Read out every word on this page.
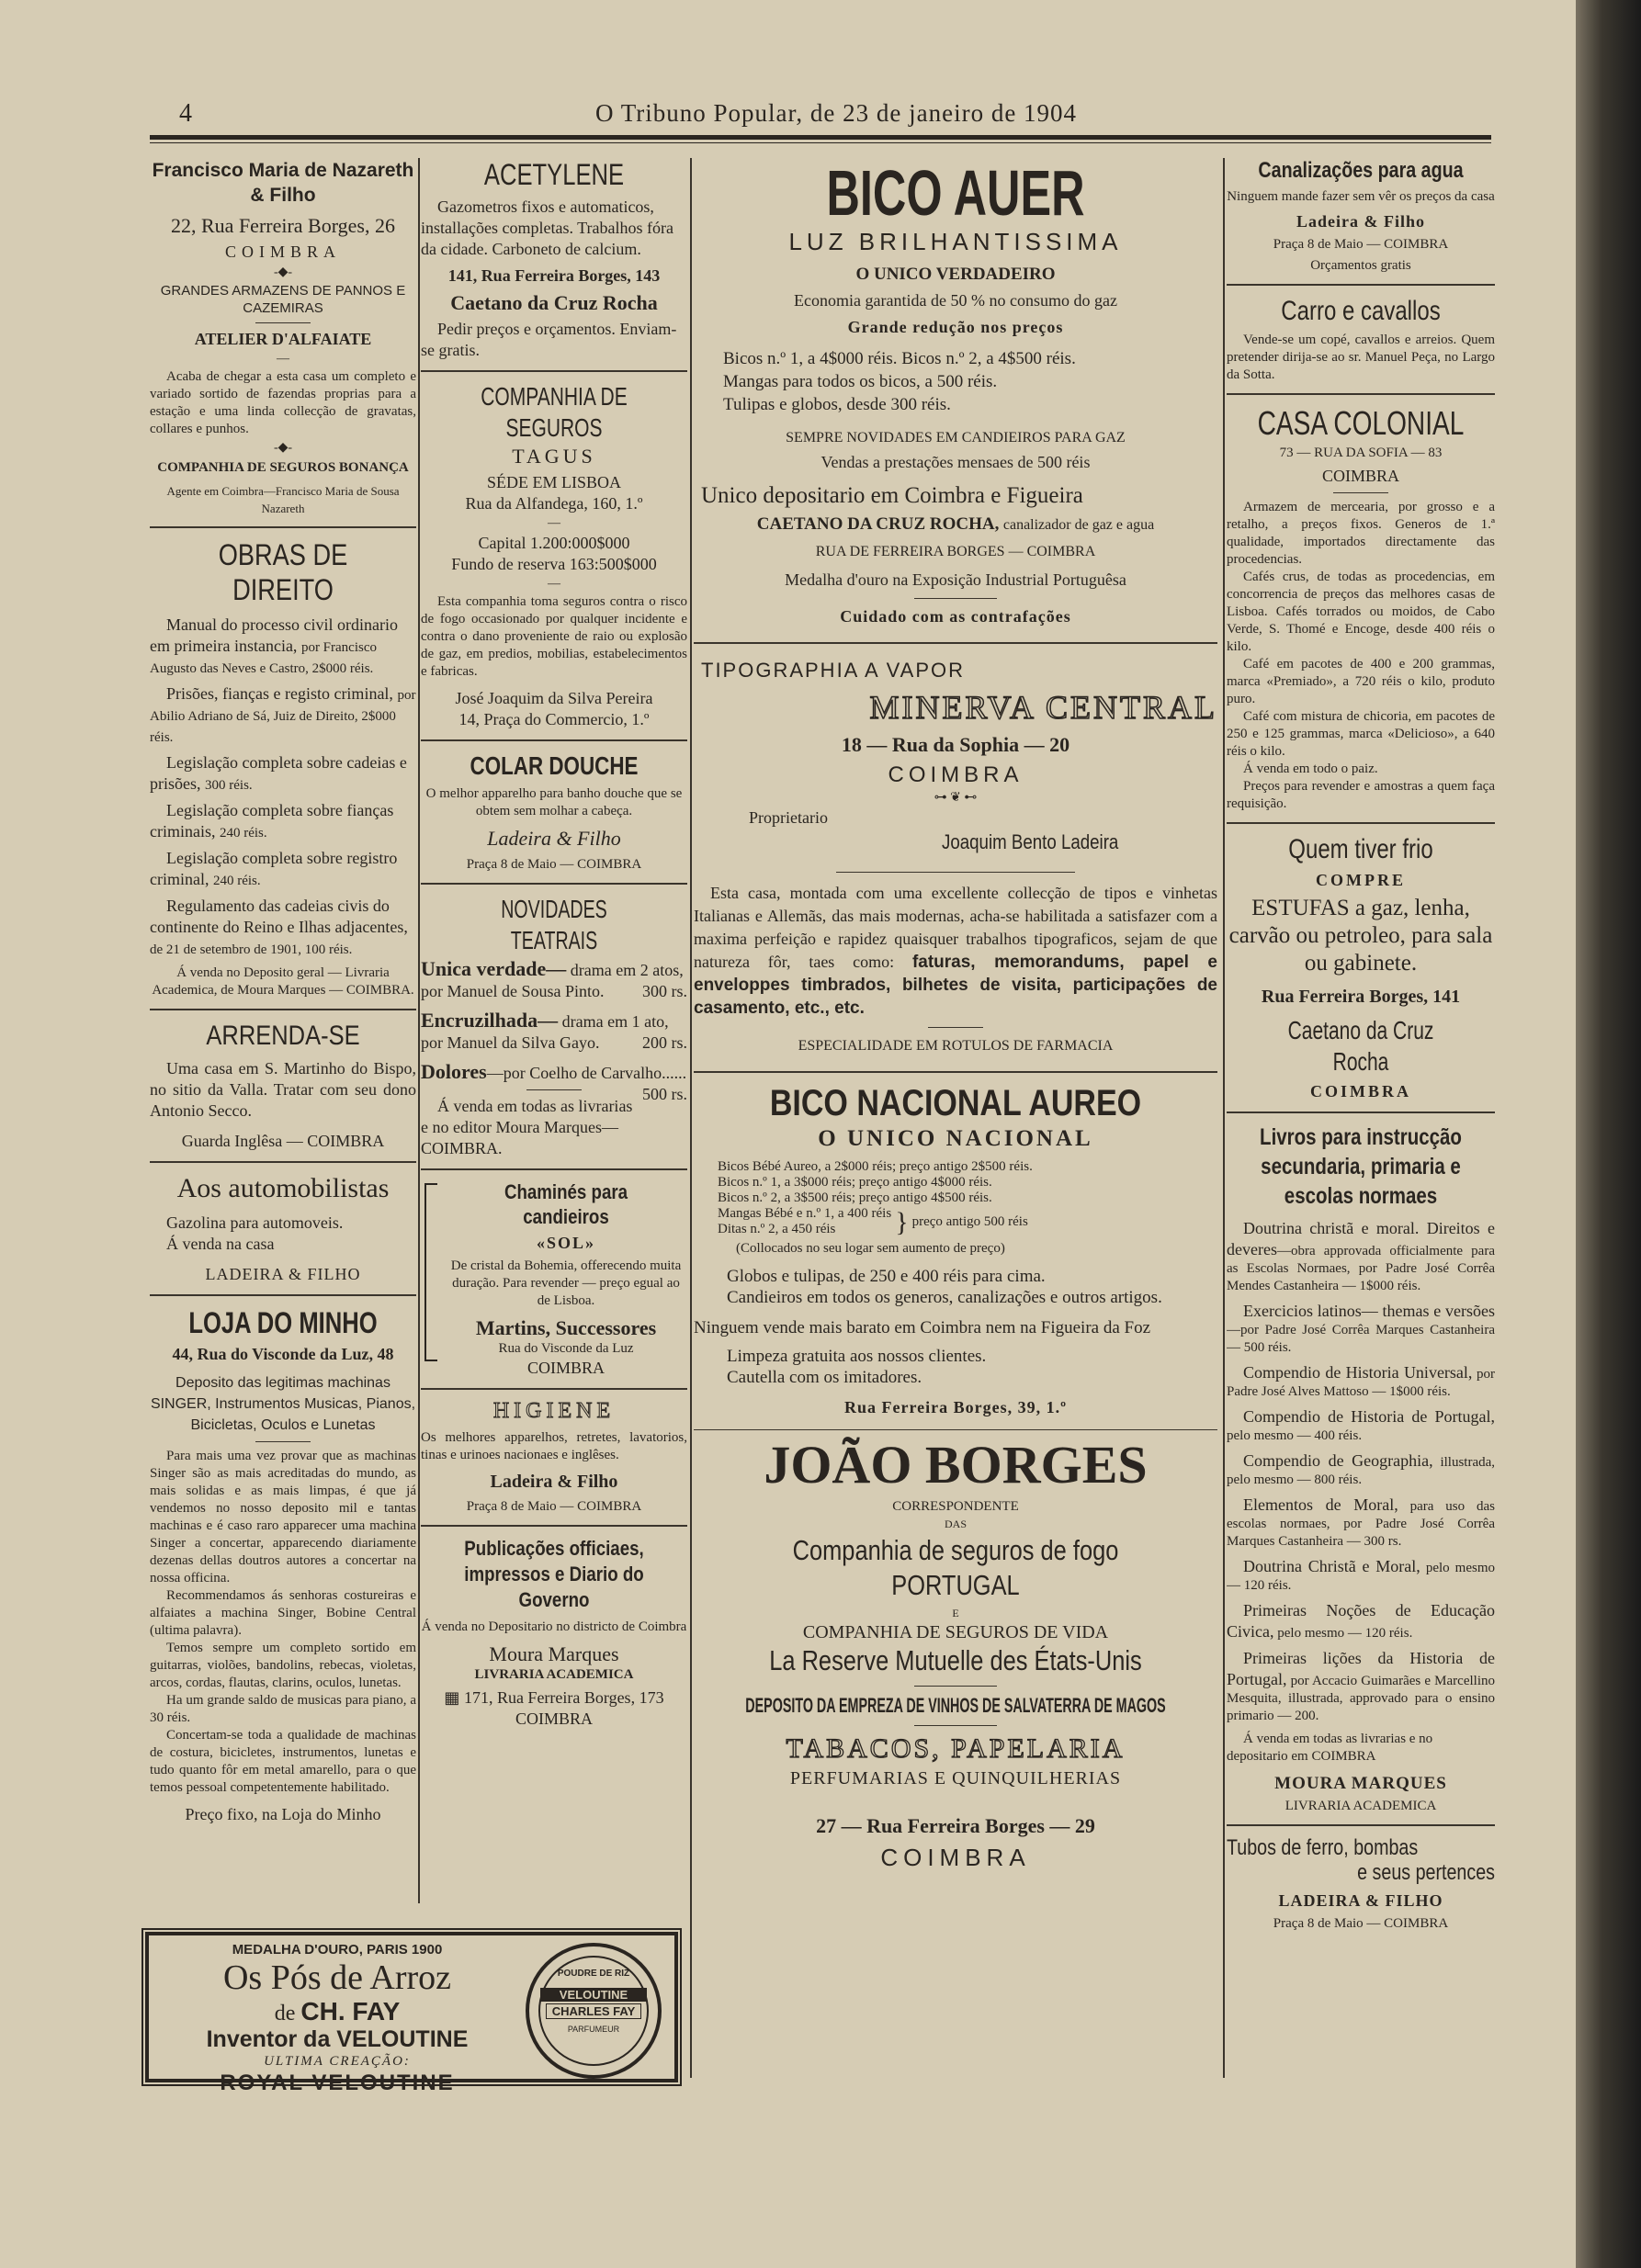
4	O Tribuno Popular, de 23 de janeiro de 1904
Francisco Maria de Nazareth & Filho
22, Rua Ferreira Borges, 26
COIMBRA
-◆-
GRANDES ARMAZENS DE PANNOS E CAZEMIRAS
ATELIER D'ALFAIATE
—

Acaba de chegar a esta casa um completo e variado sortido de fazendas proprias para a estação e uma linda collecção de gravatas, collares e punhos.

-◆-
COMPANHIA DE SEGUROS BONANÇA
Agente em Coimbra—Francisco Maria de Sousa Nazareth
OBRAS DE DIREITO

Manual do processo civil ordinario em primeira instancia, por Francisco Augusto das Neves e Castro, 2$000 réis.

Prisões, fianças e registo criminal, por Abilio Adriano de Sá, Juiz de Direito, 2$000 réis.

Legislação completa sobre cadeias e prisões, 300 réis.

Legislação completa sobre fianças criminais, 240 réis.

Legislação completa sobre registro criminal, 240 réis.

Regulamento das cadeias civis do continente do Reino e Ilhas adjacentes, de 21 de setembro de 1901, 100 réis.

Á venda no Deposito geral — Livraria Academica, de Moura Marques — COIMBRA.

ARRENDA-SE

Uma casa em S. Martinho do Bispo, no sitio da Valla. Tratar com seu dono Antonio Secco.

Guarda Inglêsa — COIMBRA
Aos automobilistas

Gazolina para automoveis.

Á venda na casa

LADEIRA & FILHO
LOJA DO MINHO
44, Rua do Visconde da Luz, 48

Deposito das legitimas machinas SINGER, Instrumentos Musicas, Pianos, Bicicletas, Oculos e Lunetas

Para mais uma vez provar que as machinas Singer são as mais acreditadas do mundo, as mais solidas e as mais limpas, é que já vendemos no nosso deposito mil e tantas machinas e é caso raro apparecer uma machina Singer a concertar, apparecendo diariamente dezenas dellas doutros autores a concertar na nossa officina.

Recommendamos ás senhoras costureiras e alfaiates a machina Singer, Bobine Central (ultima palavra).

Temos sempre um completo sortido em guitarras, violões, bandolins, rebecas, violetas, arcos, cordas, flautas, clarins, oculos, lunetas.

Ha um grande saldo de musicas para piano, a 30 réis.

Concertam-se toda a qualidade de machinas de costura, bicicletes, instrumentos, lunetas e tudo quanto fôr em metal amarello, para o que temos pessoal competentemente habilitado.

Preço fixo, na Loja do Minho
ACETYLENE

Gazometros fixos e automaticos, installações completas. Trabalhos fóra da cidade. Carboneto de calcium.

141, Rua Ferreira Borges, 143
Caetano da Cruz Rocha

Pedir preços e orçamentos. Enviam-se gratis.

COMPANHIA DE SEGUROS
TAGUS
SÉDE EM LISBOA
Rua da Alfandega, 160, 1.º
—
Capital 1.200:000$000
Fundo de reserva 163:500$000
—

Esta companhia toma seguros contra o risco de fogo occasionado por qualquer incidente e contra o dano proveniente de raio ou explosão de gaz, em predios, mobilias, estabelecimentos e fabricas.

José Joaquim da Silva Pereira
14, Praça do Commercio, 1.º
COLAR DOUCHE

O melhor apparelho para banho douche que se obtem sem molhar a cabeça.

Ladeira & Filho
Praça 8 de Maio — COIMBRA
NOVIDADES TEATRAIS

Unica verdade— drama em 2 atos, por Manuel de Sousa Pinto. 300 rs.

Encruzilhada— drama em 1 ato, por Manuel da Silva Gayo.	200 rs.

Dolores—por Coelho de Carvalho......
500 rs.

Á venda em todas as livrarias e no editor Moura Marques—COIMBRA.

Chaminés para candieiros
«SOL»

De cristal da Bohemia, offerecendo muita duração. Para revender — preço egual ao de Lisboa.

Martins, Successores
Rua do Visconde da Luz
COIMBRA
HIGIENE

Os melhores apparelhos, retretes, lavatorios, tinas e urinoes nacionaes e inglêses.

Ladeira & Filho
Praça 8 de Maio — COIMBRA
Publicações officiaes, impressos e Diario do Governo

Á venda no Depositario no districto de Coimbra

Moura Marques
LIVRARIA ACADEMICA
▦ 171, Rua Ferreira Borges, 173
COIMBRA
BICO AUER
LUZ BRILHANTISSIMA
O UNICO VERDADEIRO
Economia garantida de 50 % no consumo do gaz
Grande redução nos preços

Bicos n.º 1, a 4$000 réis. Bicos n.º 2, a 4$500 réis.

Mangas para todos os bicos, a 500 réis.

Tulipas e globos, desde 300 réis.

SEMPRE NOVIDADES EM CANDIEIROS PARA GAZ
Vendas a prestações mensaes de 500 réis
Unico depositario em Coimbra e Figueira
CAETANO DA CRUZ ROCHA, canalizador de gaz e agua
RUA DE FERREIRA BORGES — COIMBRA
Medalha d'ouro na Exposição Industrial Portuguêsa
Cuidado com as contrafações
TIPOGRAPHIA A VAPOR
MINERVA CENTRAL
18 — Rua da Sophia — 20
COIMBRA
⊶ ❦ ⊷
Proprietario
Joaquim Bento Ladeira

Esta casa, montada com uma excellente collecção de tipos e vinhetas Italianas e Allemãs, das mais modernas, acha-se habilitada a satisfazer com a maxima perfeição e rapidez quaisquer trabalhos tipograficos, sejam de que natureza fôr, taes como: faturas, memorandums, papel e enveloppes timbrados, bilhetes de visita, participações de casamento, etc., etc.

ESPECIALIDADE EM ROTULOS DE FARMACIA
BICO NACIONAL AUREO
O UNICO NACIONAL

Bicos Bébé Aureo, a 2$000 réis; preço antigo 2$500 réis.

Bicos n.º 1, a 3$000 réis; preço antigo 4$000 réis.

Bicos n.º 2, a 3$500 réis; preço antigo 4$500 réis.

Mangas Bébé e n.º 1, a 400 réis

Ditas n.º 2, a 450 réis	} preço antigo 500 réis

(Collocados no seu logar sem aumento de preço)

Globos e tulipas, de 250 e 400 réis para cima.

Candieiros em todos os generos, canalizações e outros artigos.

Ninguem vende mais barato em Coimbra nem na Figueira da Foz

Limpeza gratuita aos nossos clientes.

Cautella com os imitadores.

Rua Ferreira Borges, 39, 1.º
JOÃO BORGES
CORRESPONDENTE
DAS
Companhia de seguros de fogo PORTUGAL
E
COMPANHIA DE SEGUROS DE VIDA
La Reserve Mutuelle des États-Unis
DEPOSITO DA EMPREZA DE VINHOS DE SALVATERRA DE MAGOS
TABACOS, PAPELARIA
PERFUMARIAS E QUINQUILHERIAS
27 — Rua Ferreira Borges — 29
COIMBRA
Canalizações para agua

Ninguem mande fazer sem vêr os preços da casa

Ladeira & Filho
Praça 8 de Maio — COIMBRA
Orçamentos gratis
Carro e cavallos

Vende-se um copé, cavallos e arreios. Quem pretender dirija-se ao sr. Manuel Peça, no Largo da Sotta.

CASA COLONIAL
73 — RUA DA SOFIA — 83
COIMBRA

Armazem de mercearia, por grosso e a retalho, a preços fixos. Generos de 1.ª qualidade, importados directamente das procedencias.

Cafés crus, de todas as procedencias, em concorrencia de preços das melhores casas de Lisboa. Cafés torrados ou moidos, de Cabo Verde, S. Thomé e Encoge, desde 400 réis o kilo.

Café em pacotes de 400 e 200 grammas, marca «Premiado», a 720 réis o kilo, produto puro.

Café com mistura de chicoria, em pacotes de 250 e 125 grammas, marca «Delicioso», a 640 réis o kilo.

Á venda em todo o paiz.

Preços para revender e amostras a quem faça requisição.

Quem tiver frio
COMPRE

ESTUFAS a gaz, lenha, carvão ou petroleo, para sala ou gabinete.

Rua Ferreira Borges, 141
Caetano da Cruz Rocha
COIMBRA
Livros para instrucção secundaria, primaria e escolas normaes

Doutrina christã e moral. Direitos e deveres—obra approvada officialmente para as Escolas Normaes, por Padre José Corrêa Mendes Castanheira — 1$000 réis.

Exercicios latinos— themas e versões—por Padre José Corrêa Marques Castanheira — 500 réis.

Compendio de Historia Universal, por Padre José Alves Mattoso — 1$000 réis.

Compendio de Historia de Portugal, pelo mesmo — 400 réis.

Compendio de Geographia, illustrada, pelo mesmo — 800 réis.

Elementos de Moral, para uso das escolas normaes, por Padre José Corrêa Marques Castanheira — 300 rs.

Doutrina Christã e Moral, pelo mesmo — 120 réis.

Primeiras Noções de Educação Civica, pelo mesmo — 120 réis.

Primeiras lições da Historia de Portugal, por Accacio Guimarães e Marcellino Mesquita, illustrada, approvado para o ensino primario — 200.

Á venda em todas as livrarias e no depositario em COIMBRA

MOURA MARQUES
LIVRARIA ACADEMICA
Tubos de ferro, bombas
e seus pertences
LADEIRA & FILHO
Praça 8 de Maio — COIMBRA
MEDALHA D'OURO, PARIS 1900
Os Pós de Arroz
de CH. FAY
Inventor da VELOUTINE
ULTIMA CREAÇÃO:
ROYAL VELOUTINE
POUDRE DE RIZ
VELOUTINE
CHARLES FAY
PARFUMEUR
